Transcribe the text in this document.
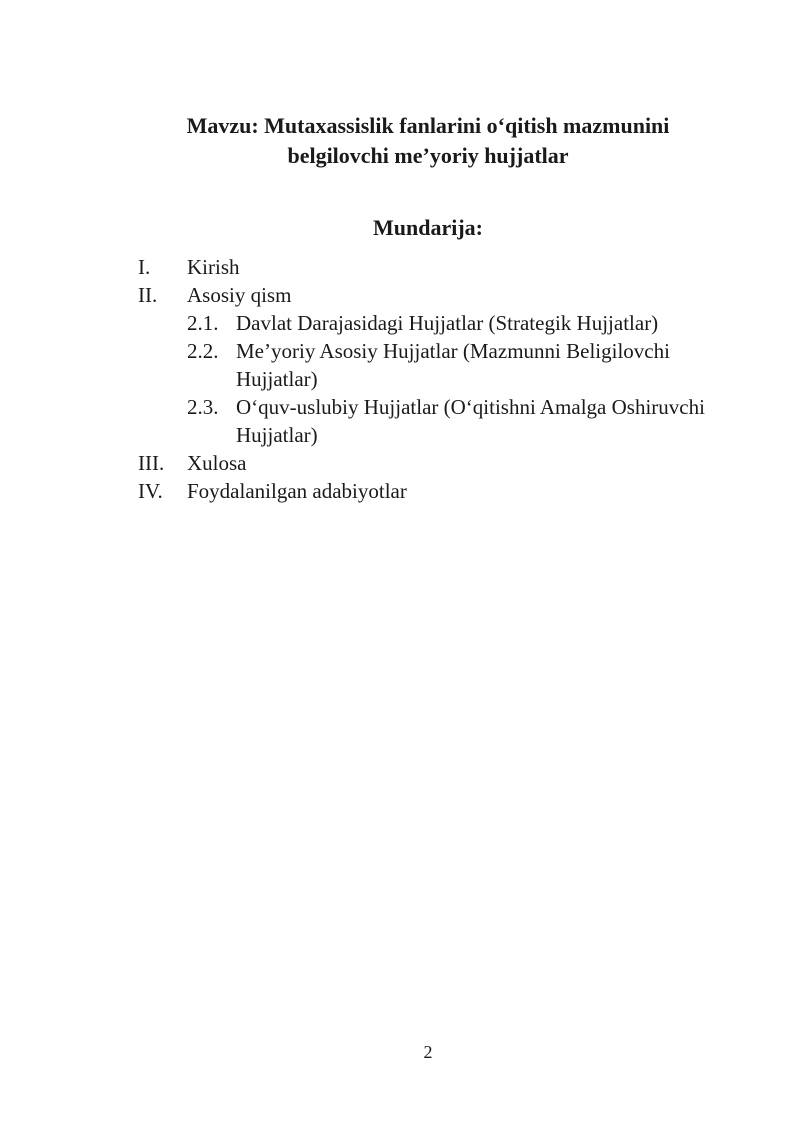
Mavzu: Mutaxassislik fanlarini o‘qitish mazmunini
belgilovchi me’yoriy hujjatlar
Mundarija:
I.	Kirish
II.	Asosiy qism
2.1. Davlat Darajasidagi Hujjatlar (Strategik Hujjatlar)
2.2. Me’yoriy Asosiy Hujjatlar (Mazmunni Beligilovchi Hujjatlar)
2.3. O‘quv-uslubiy Hujjatlar (O‘qitishni Amalga Oshiruvchi Hujjatlar)
III.	Xulosa
IV.	Foydalanilgan adabiyotlar
2
